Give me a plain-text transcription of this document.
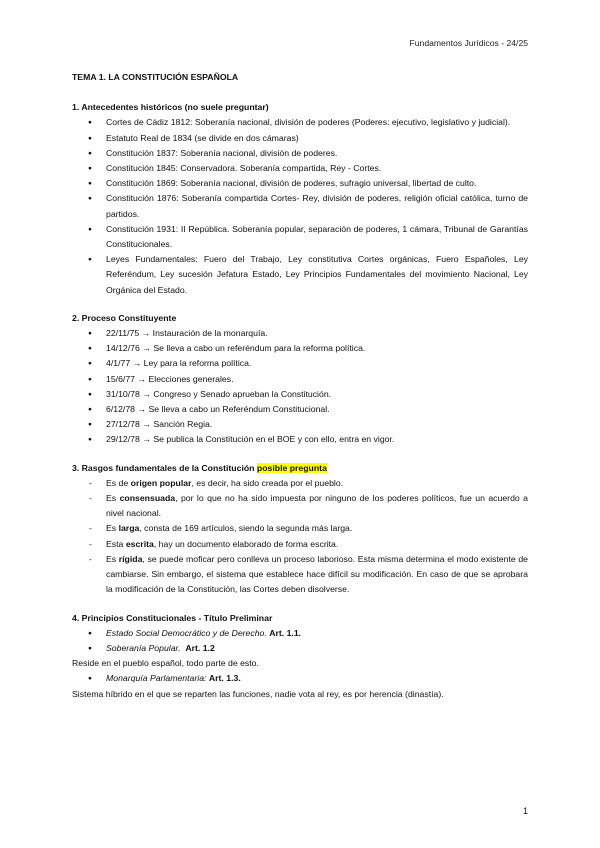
Fundamentos Jurídicos - 24/25

TEMA 1. LA CONSTITUCIÓN ESPAÑOLA

1. Antecedentes históricos (no suele preguntar)

● Cortes de Cádiz 1812: Soberanía nacional, división de poderes (Poderes: ejecutivo, legislativo y judicial).
● Estatuto Real de 1834 (se divide en dos cámaras)
● Constitución 1837: Soberanía nacional, división de poderes.
● Constitución 1845: Conservadora. Soberanía compartida, Rey - Cortes.
● Constitución 1869: Soberanía nacional, división de poderes, sufragio universal, libertad de culto.
● Constitución 1876: Soberanía compartida Cortes- Rey, división de poderes, religión oficial católica, turno de partidos.
● Constitución 1931: II República. Soberanía popular, separación de poderes, 1 cámara, Tribunal de Garantías Constitucionales.
● Leyes Fundamentales: Fuero del Trabajo, Ley constitutiva Cortes orgánicas, Fuero Españoles, Ley Referéndum, Ley sucesión Jefatura Estado, Ley Principios Fundamentales del movimiento Nacional, Ley Orgánica del Estado.

2. Proceso Constituyente

● 22/11/75 → Instauración de la monarquía.
● 14/12/76 → Se lleva a cabo un referéndum para la reforma política.
● 4/1/77 → Ley para la reforma política.
● 15/6/77 → Elecciones generales.
● 31/10/78 → Congreso y Senado aprueban la Constitución.
● 6/12/78 → Se lleva a cabo un Referéndum Constitucional.
● 27/12/78 → Sanción Regia.
● 29/12/78 → Se publica la Constitución en el BOE y con ello, entra en vigor.

3. Rasgos fundamentales de la Constitución posible pregunta

- Es de origen popular, es decir, ha sido creada por el pueblo.
- Es consensuada, por lo que no ha sido impuesta por ninguno de los poderes políticos, fue un acuerdo a nivel nacional.
- Es larga, consta de 169 artículos, siendo la segunda más larga.
- Esta escrita, hay un documento elaborado de forma escrita.
- Es rígida, se puede moficar pero conlleva un proceso laborioso. Esta misma determina el modo existente de cambiarse. Sin embargo, el sistema que establece hace difícil su modificación. En caso de que se aprobara la modificación de la Constitución, las Cortes deben disolverse.

4. Principios Constitucionales - Título Preliminar

● Estado Social Democrático y de Derecho. Art. 1.1.
● Soberanía Popular. Art. 1.2

Reside en el pueblo español, todo parte de esto.

● Monarquía Parlamentaria: Art. 1.3.

Sistema híbrido en el que se reparten las funciones, nadie vota al rey, es por herencia (dinastía).

1
